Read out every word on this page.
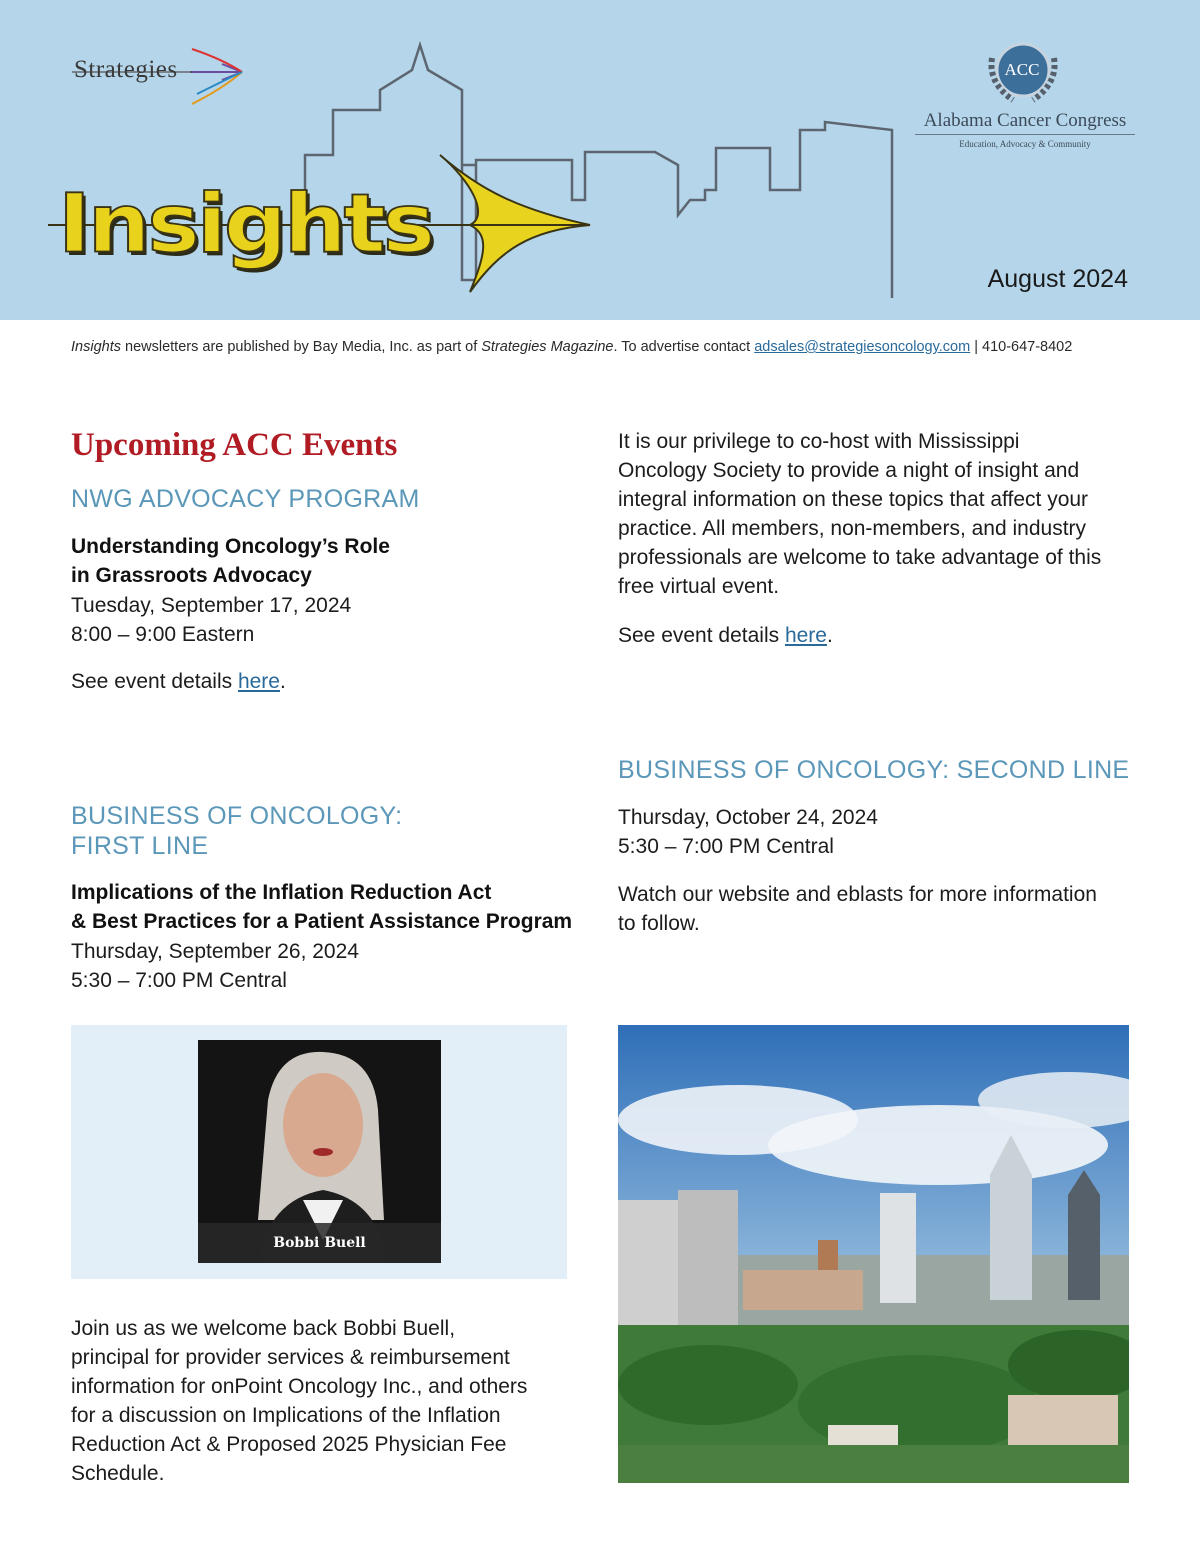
Strategies
Insights
ACC
Alabama Cancer Congress
Education, Advocacy & Community
August 2024
Insights newsletters are published by Bay Media, Inc. as part of Strategies Magazine. To advertise contact adsales@strategiesoncology.com | 410-647-8402
Upcoming ACC Events
NWG ADVOCACY PROGRAM
Understanding Oncology’s Role
in Grassroots Advocacy
Tuesday, September 17, 2024
8:00 – 9:00 Eastern
See event details here.
BUSINESS OF ONCOLOGY:
FIRST LINE
Implications of the Inflation Reduction Act
& Best Practices for a Patient Assistance Program
Thursday, September 26, 2024
5:30 – 7:00 PM Central
Bobbi Buell
Join us as we welcome back Bobbi Buell,
principal for provider services & reimbursement
information for onPoint Oncology Inc., and others
for a discussion on Implications of the Inflation
Reduction Act & Proposed 2025 Physician Fee
Schedule.
It is our privilege to co-host with Mississippi
Oncology Society to provide a night of insight and
integral information on these topics that affect your
practice. All members, non-members, and industry
professionals are welcome to take advantage of this
free virtual event.
See event details here.
BUSINESS OF ONCOLOGY: SECOND LINE
Thursday, October 24, 2024
5:30 – 7:00 PM Central
Watch our website and eblasts for more information
to follow.
